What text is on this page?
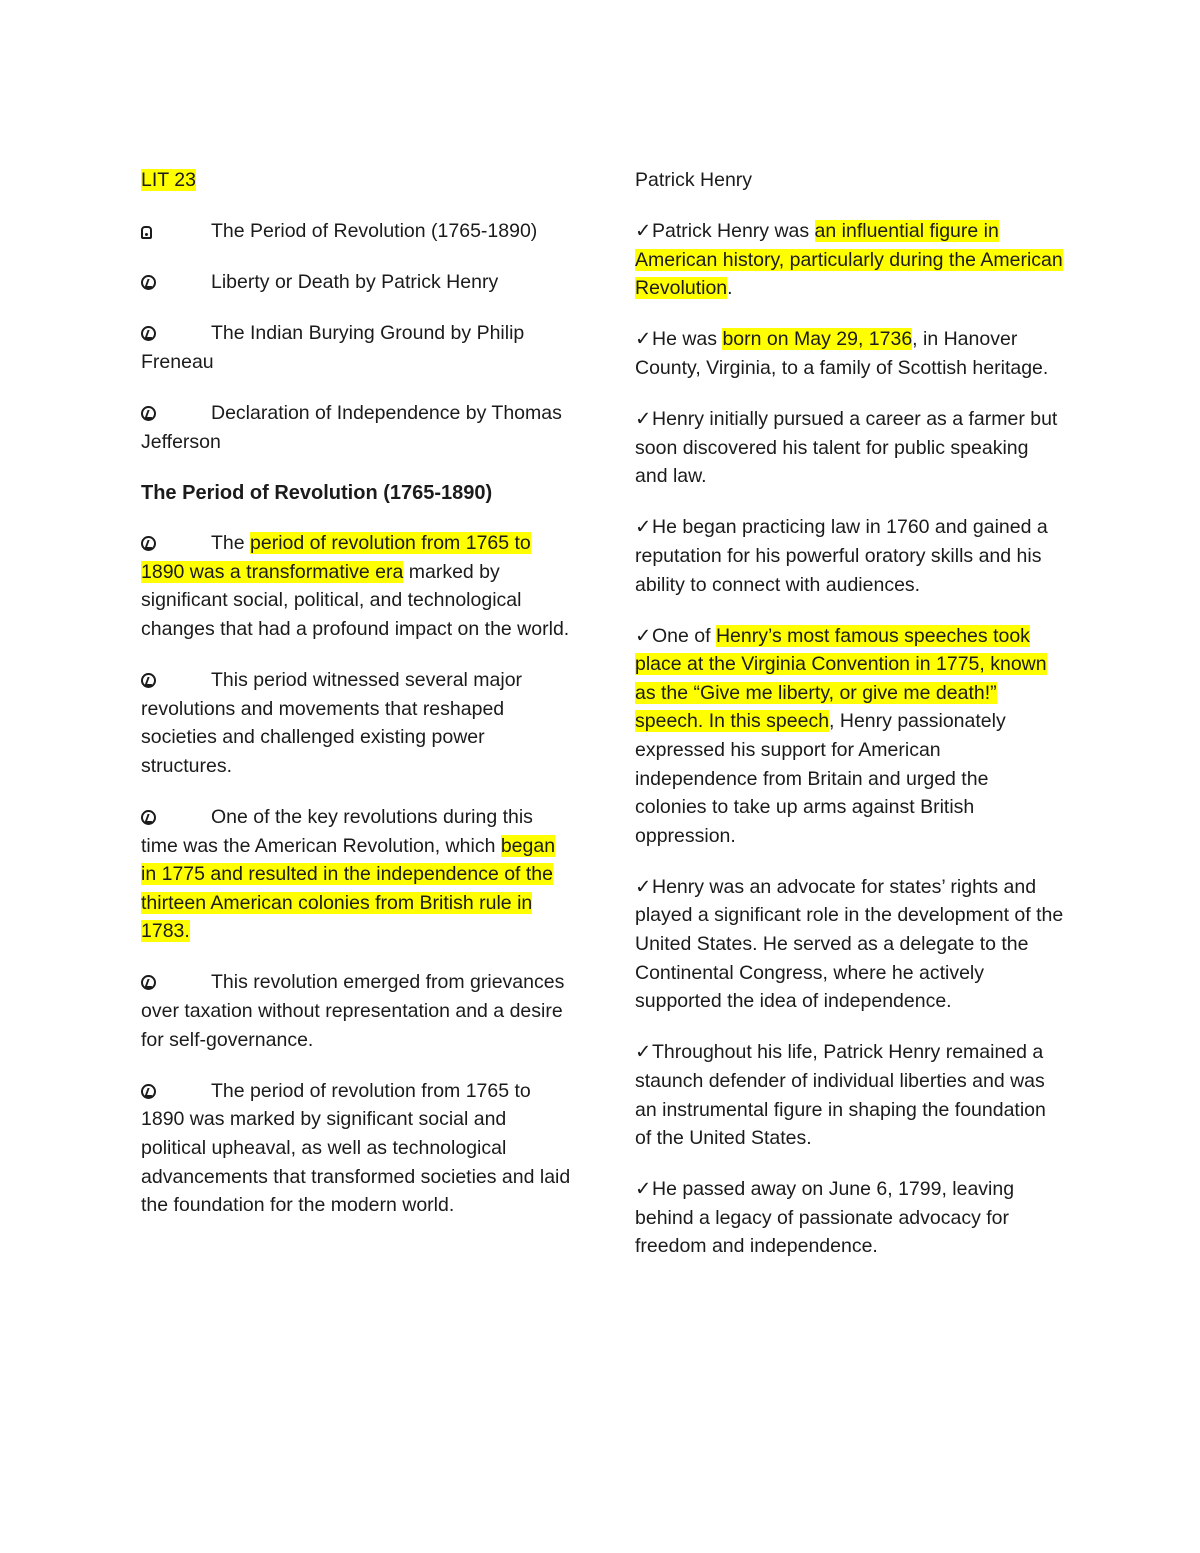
LIT 23

The Period of Revolution (1765-1890)

Liberty or Death by Patrick Henry

The Indian Burying Ground by Philip Freneau

Declaration of Independence by Thomas Jefferson

The Period of Revolution (1765-1890)

The period of revolution from 1765 to 1890 was a transformative era marked by significant social, political, and technological changes that had a profound impact on the world.

This period witnessed several major revolutions and movements that reshaped societies and challenged existing power structures.

One of the key revolutions during this time was the American Revolution, which began in 1775 and resulted in the independence of the thirteen American colonies from British rule in 1783.

This revolution emerged from grievances over taxation without representation and a desire for self-governance.

The period of revolution from 1765 to 1890 was marked by significant social and political upheaval, as well as technological advancements that transformed societies and laid the foundation for the modern world.

Patrick Henry

✓Patrick Henry was an influential figure in American history, particularly during the American Revolution.

✓He was born on May 29, 1736, in Hanover County, Virginia, to a family of Scottish heritage.

✓Henry initially pursued a career as a farmer but soon discovered his talent for public speaking and law.

✓He began practicing law in 1760 and gained a reputation for his powerful oratory skills and his ability to connect with audiences.

✓One of Henry’s most famous speeches took place at the Virginia Convention in 1775, known as the “Give me liberty, or give me death!” speech. In this speech, Henry passionately expressed his support for American independence from Britain and urged the colonies to take up arms against British oppression.

✓Henry was an advocate for states’ rights and played a significant role in the development of the United States. He served as a delegate to the Continental Congress, where he actively supported the idea of independence.

✓Throughout his life, Patrick Henry remained a staunch defender of individual liberties and was an instrumental figure in shaping the foundation of the United States.

✓He passed away on June 6, 1799, leaving behind a legacy of passionate advocacy for freedom and independence.
